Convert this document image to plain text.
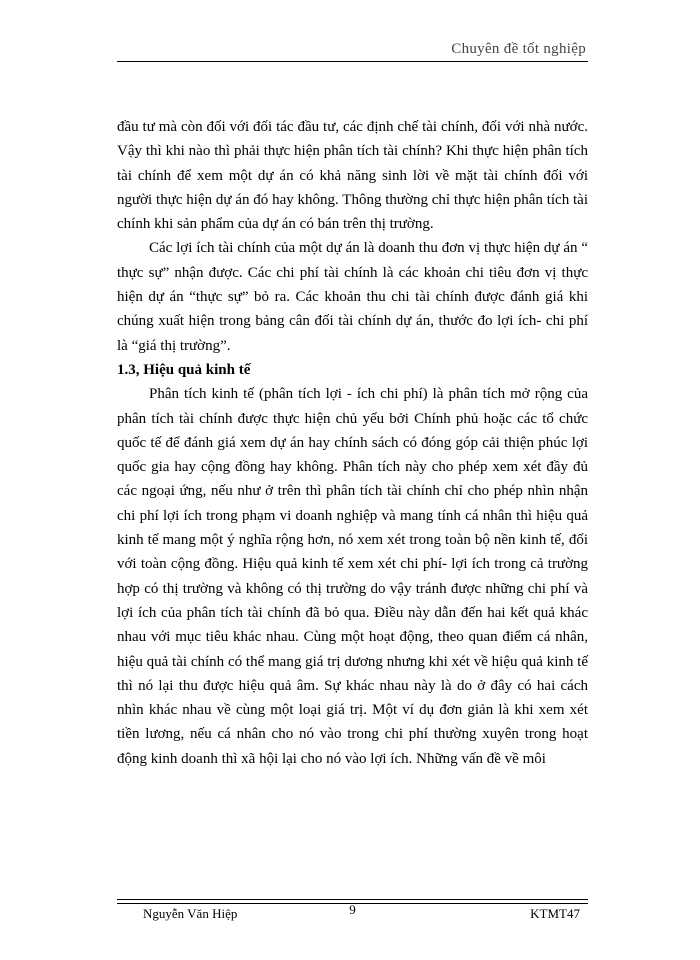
Chuyên đề tốt nghiệp

đầu tư mà còn đối với đối tác đầu tư, các định chế tài chính, đối với nhà nước. Vậy thì khi nào thì phải thực hiện phân tích tài chính? Khi thực hiện phân tích tài chính để xem một dự án có khả năng sinh lời về mặt tài chính đối với người thực hiện dự án đó hay không. Thông thường chỉ thực hiện phân tích tài chính khi sản phẩm của dự án có bán trên thị trường.

Các lợi ích tài chính của một dự án là doanh thu đơn vị thực hiện dự án “ thực sự” nhận được. Các chi phí tài chính là các khoản chi tiêu đơn vị thực hiện dự án “thực sự” bỏ ra. Các khoản thu chi tài chính được đánh giá khi chúng xuất hiện trong bảng cân đối tài chính dự án, thước đo lợi ích- chi phí là “giá thị trường”.

1.3, Hiệu quả kinh tế

Phân tích kinh tế (phân tích lợi - ích chi phí) là phân tích mở rộng của phân tích tài chính được thực hiện chủ yếu bởi Chính phủ hoặc các tổ chức quốc tế để đánh giá xem dự án hay chính sách có đóng góp cải thiện phúc lợi quốc gia hay cộng đồng hay không. Phân tích này cho phép xem xét đầy đủ các ngoại ứng, nếu như ở trên thì phân tích tài chính chỉ cho phép nhìn nhận chi phí lợi ích trong phạm vi doanh nghiệp và mang tính cá nhân thì hiệu quả kinh tế mang một ý nghĩa rộng hơn, nó xem xét trong toàn bộ nền kinh tế, đối với toàn cộng đồng. Hiệu quả kinh tế xem xét chi phí- lợi ích trong cả trường hợp có thị trường và không có thị trường do vậy tránh được những chi phí và lợi ích của phân tích tài chính đã bỏ qua. Điều này dẫn đến hai kết quả khác nhau với mục tiêu khác nhau. Cùng một hoạt động, theo quan điểm cá nhân, hiệu quả tài chính có thể mang giá trị dương nhưng khi xét về hiệu quả kinh tế thì nó lại thu được hiệu quả âm. Sự khác nhau này là do ở đây có hai cách nhìn khác nhau về cùng một loại giá trị. Một ví dụ đơn giản là khi xem xét tiền lương, nếu cá nhân cho nó vào trong chi phí thường xuyên trong hoạt động kinh doanh thì xã hội lại cho nó vào lợi ích. Những vấn đề về môi

Nguyễn Văn Hiệp	9	KTMT47
